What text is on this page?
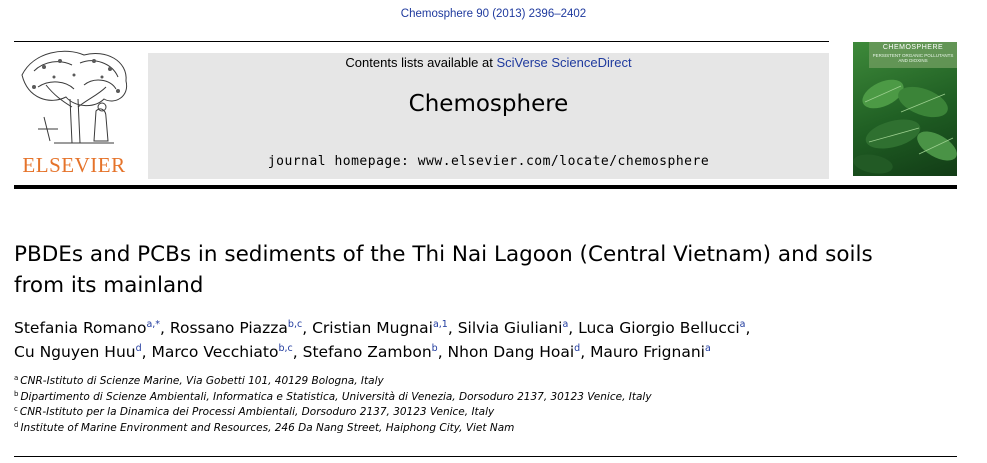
Chemosphere 90 (2013) 2396–2402
ELSEVIER
Contents lists available at SciVerse ScienceDirect
Chemosphere
journal homepage: www.elsevier.com/locate/chemosphere
CHEMOSPHERE
PERSISTENT ORGANIC POLLUTANTS AND DIOXINS
PBDEs and PCBs in sediments of the Thi Nai Lagoon (Central Vietnam) and soils
from its mainland
Stefania Romano$^{a,*}$, Rossano Piazza$^{b,c}$, Cristian Mugnai$^{a,1}$, Silvia Giuliani$^a$, Luca Giorgio Bellucci$^a$,
Cu Nguyen Huu$^d$, Marco Vecchiato$^{b,c}$, Stefano Zambon$^b$, Nhon Dang Hoai$^d$, Mauro Frignani$^a$
$^a$ CNR-Istituto di Scienze Marine, Via Gobetti 101, 40129 Bologna, Italy
$^b$ Dipartimento di Scienze Ambientali, Informatica e Statistica, Università di Venezia, Dorsoduro 2137, 30123 Venice, Italy
$^c$ CNR-Istituto per la Dinamica dei Processi Ambientali, Dorsoduro 2137, 30123 Venice, Italy
$^d$ Institute of Marine Environment and Resources, 246 Da Nang Street, Haiphong City, Viet Nam
